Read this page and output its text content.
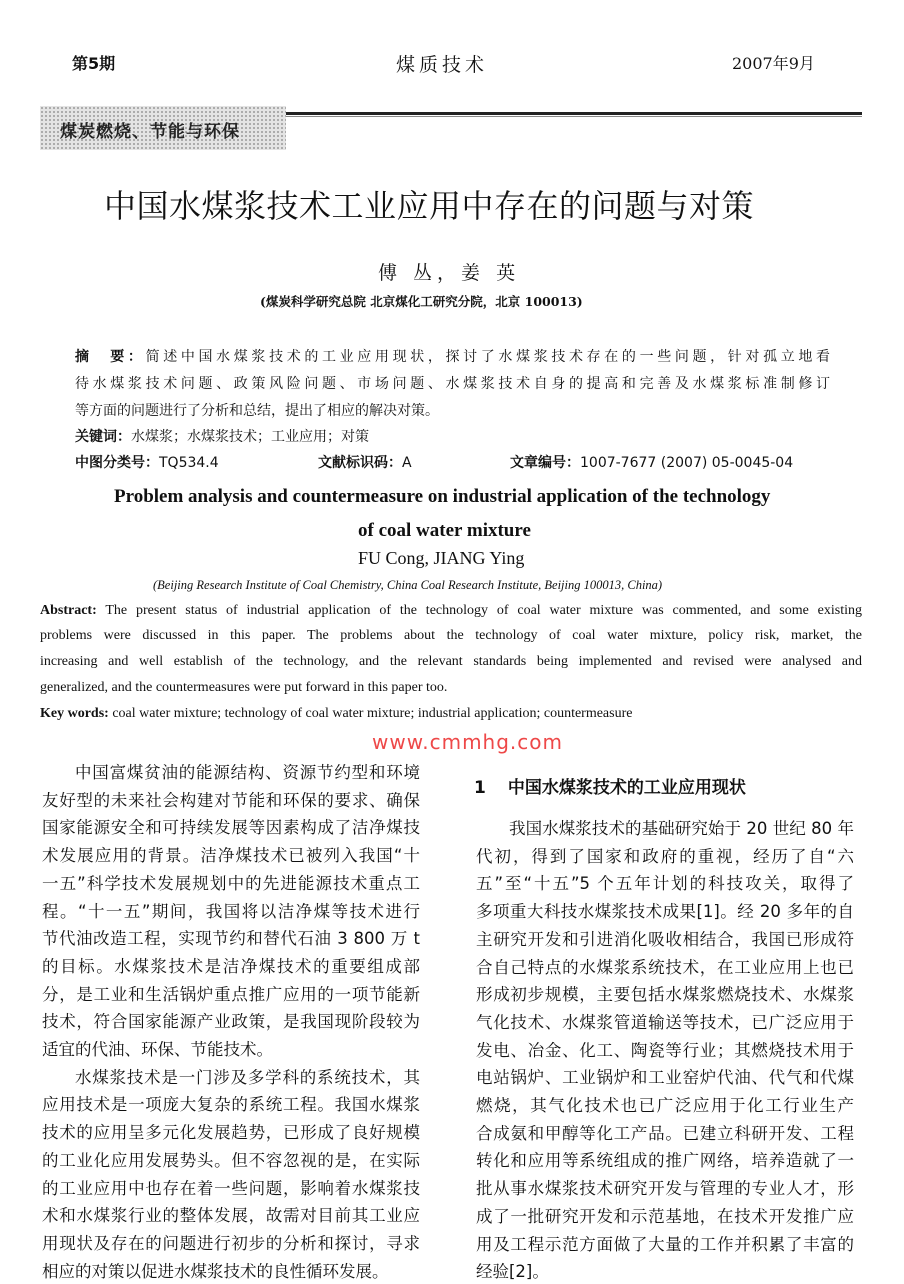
第5期	煤质技术	2007年9月
煤炭燃烧、节能与环保
中国水煤浆技术工业应用中存在的问题与对策
傅 丛，姜 英
(煤炭科学研究总院 北京煤化工研究分院，北京 100013)
摘　要：简述中国水煤浆技术的工业应用现状，探讨了水煤浆技术存在的一些问题，针对孤立地看
待水煤浆技术问题、政策风险问题、市场问题、水煤浆技术自身的提高和完善及水煤浆标准制修订
等方面的问题进行了分析和总结，提出了相应的解决对策。
关键词：水煤浆；水煤浆技术；工业应用；对策
中图分类号：TQ534.4	文献标识码：A	文章编号：1007-7677 (2007) 05-0045-04
Problem analysis and countermeasure on industrial application of the technology
of coal water mixture
FU Cong, JIANG Ying
(Beijing Research Institute of Coal Chemistry, China Coal Research Institute, Beijing 100013, China)
Abstract: The present status of industrial application of the technology of coal water mixture was commented, and some existing
problems were discussed in this paper. The problems about the technology of coal water mixture, policy risk, market, the
increasing and well establish of the technology, and the relevant standards being implemented and revised were analysed and
generalized, and the countermeasures were put forward in this paper too.
Key words: coal water mixture; technology of coal water mixture; industrial application; countermeasure
中国富煤贫油的能源结构、资源节约型和环境
友好型的未来社会构建对节能和环保的要求、确保
国家能源安全和可持续发展等因素构成了洁净煤技
术发展应用的背景。洁净煤技术已被列入我国“十
一五”科学技术发展规划中的先进能源技术重点工
程。“十一五”期间，我国将以洁净煤等技术进行
节代油改造工程，实现节约和替代石油 3 800 万 t
的目标。水煤浆技术是洁净煤技术的重要组成部
分，是工业和生活锅炉重点推广应用的一项节能新
技术，符合国家能源产业政策，是我国现阶段较为
适宜的代油、环保、节能技术。
水煤浆技术是一门涉及多学科的系统技术，其
应用技术是一项庞大复杂的系统工程。我国水煤浆
技术的应用呈多元化发展趋势，已形成了良好规模
的工业化应用发展势头。但不容忽视的是，在实际
的工业应用中也存在着一些问题，影响着水煤浆技
术和水煤浆行业的整体发展，故需对目前其工业应
用现状及存在的问题进行初步的分析和探讨，寻求
相应的对策以促进水煤浆技术的良性循环发展。
1 中国水煤浆技术的工业应用现状
我国水煤浆技术的基础研究始于 20 世纪 80 年
代初，得到了国家和政府的重视，经历了自“六
五”至“十五”5 个五年计划的科技攻关，取得了
多项重大科技水煤浆技术成果[1]。经 20 多年的自
主研究开发和引进消化吸收相结合，我国已形成符
合自己特点的水煤浆系统技术，在工业应用上也已
形成初步规模，主要包括水煤浆燃烧技术、水煤浆
气化技术、水煤浆管道输送等技术，已广泛应用于
发电、冶金、化工、陶瓷等行业；其燃烧技术用于
电站锅炉、工业锅炉和工业窑炉代油、代气和代煤
燃烧，其气化技术也已广泛应用于化工行业生产
合成氨和甲醇等化工产品。已建立科研开发、工程
转化和应用等系统组成的推广网络，培养造就了一
批从事水煤浆技术研究开发与管理的专业人才，形
成了一批研究开发和示范基地，在技术开发推广应
用及工程示范方面做了大量的工作并积累了丰富的
经验[2]。
www.cmmhg.com
